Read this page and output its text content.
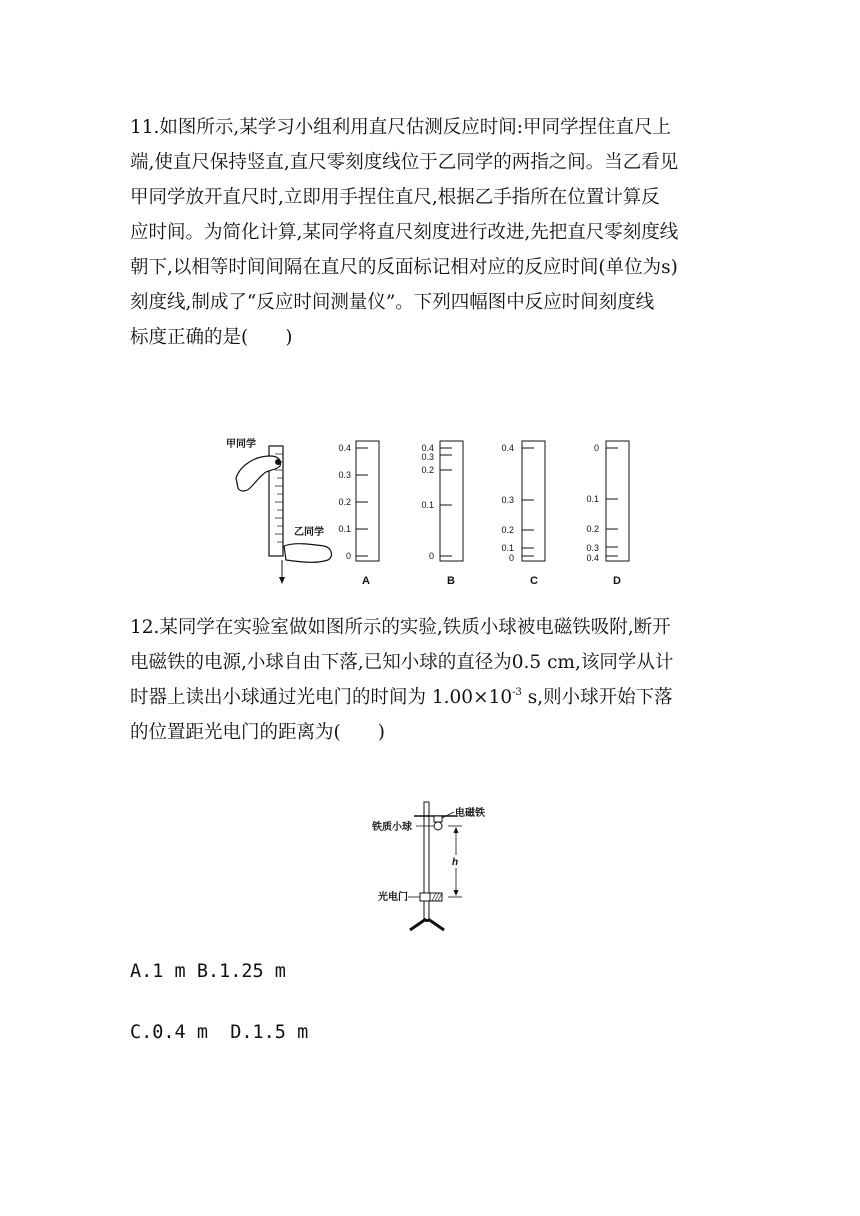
11.如图所示,某学习小组利用直尺估测反应时间:甲同学捏住直尺上
端,使直尺保持竖直,直尺零刻度线位于乙同学的两指之间。当乙看见
甲同学放开直尺时,立即用手捏住直尺,根据乙手指所在位置计算反
应时间。为简化计算,某同学将直尺刻度进行改进,先把直尺零刻度线
朝下,以相等时间间隔在直尺的反面标记相对应的反应时间(单位为s)
刻度线,制成了“反应时间测量仪”。下列四幅图中反应时间刻度线
标度正确的是(　　)
甲同学
乙同学
0.4
0.3
0.2
0.1
0
A
0.4
0.3
0.2
0.1
0
B
0.4
0.3
0.2
0.1
0
C
0
0.1
0.2
0.3
0.4
D
12.某同学在实验室做如图所示的实验,铁质小球被电磁铁吸附,断开
电磁铁的电源,小球自由下落,已知小球的直径为0.5 cm,该同学从计
时器上读出小球通过光电门的时间为 $1.00\times 10^{-3}$ s,则小球开始下落
的位置距光电门的距离为(　　)
电磁铁
铁质小球
h
光电门
A.1 m B.1.25 m
C.0.4 m  D.1.5 m
